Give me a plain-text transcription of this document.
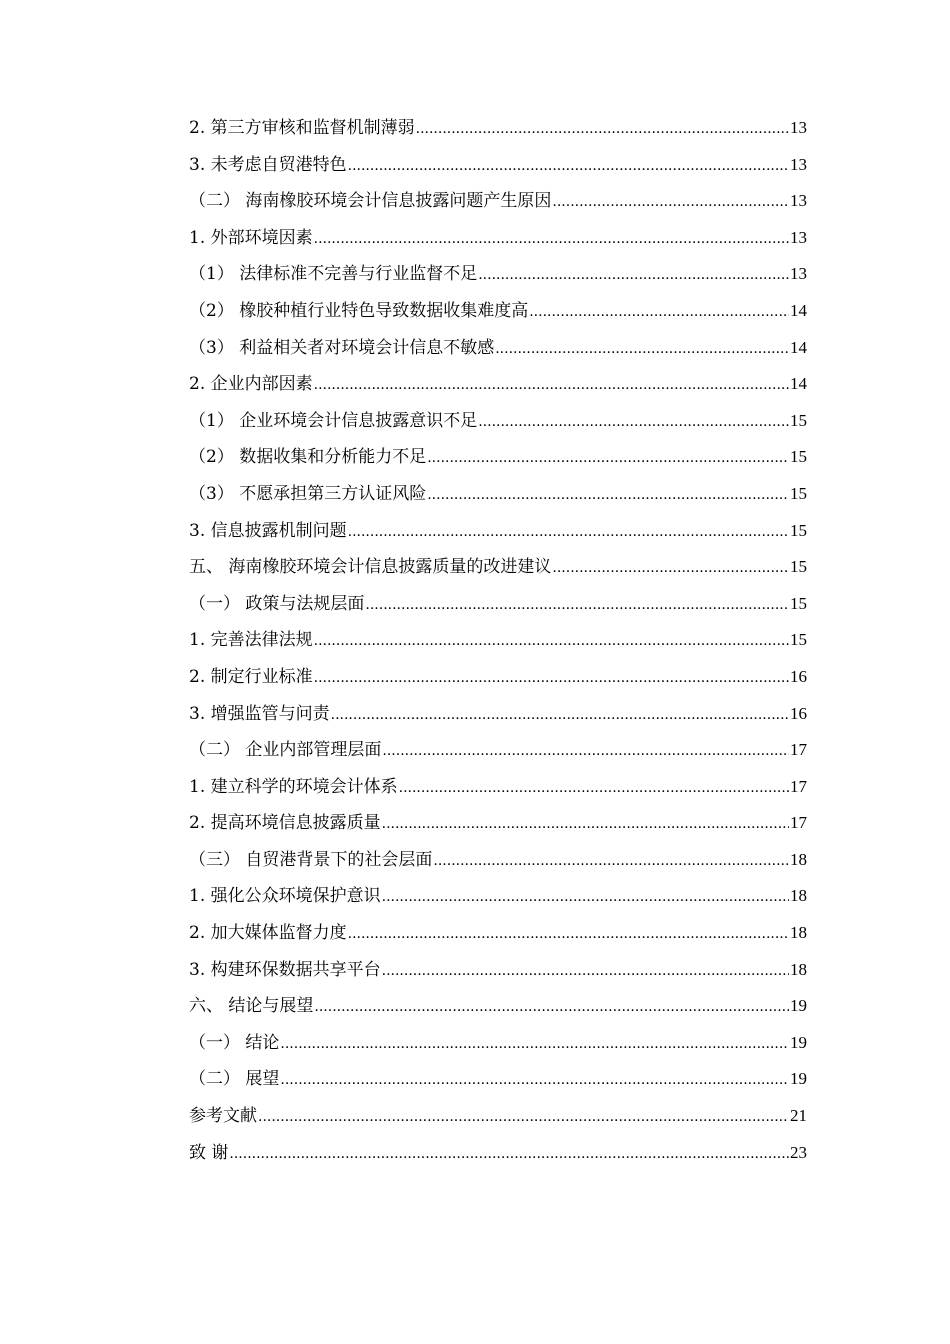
2. 第三方审核和监督机制薄弱 .....	13
3. 未考虑自贸港特色 .....	13
（二） 海南橡胶环境会计信息披露问题产生原因 .....	13
1. 外部环境因素 .....	13
（1） 法律标准不完善与行业监督不足 .....	13
（2） 橡胶种植行业特色导致数据收集难度高 .....	14
（3） 利益相关者对环境会计信息不敏感 .....	14
2. 企业内部因素 .....	14
（1） 企业环境会计信息披露意识不足 .....	15
（2） 数据收集和分析能力不足 .....	15
（3） 不愿承担第三方认证风险 .....	15
3. 信息披露机制问题 .....	15
五、 海南橡胶环境会计信息披露质量的改进建议 .....	15
（一） 政策与法规层面 .....	15
1. 完善法律法规 .....	15
2. 制定行业标准 .....	16
3. 增强监管与问责 .....	16
（二） 企业内部管理层面 .....	17
1. 建立科学的环境会计体系 .....	17
2. 提高环境信息披露质量 .....	17
（三） 自贸港背景下的社会层面 .....	18
1. 强化公众环境保护意识 .....	18
2. 加大媒体监督力度 .....	18
3. 构建环保数据共享平台 .....	18
六、 结论与展望 .....	19
（一） 结论 .....	19
（二） 展望 .....	19
参考文献 .....	21
致 谢 .....	23
